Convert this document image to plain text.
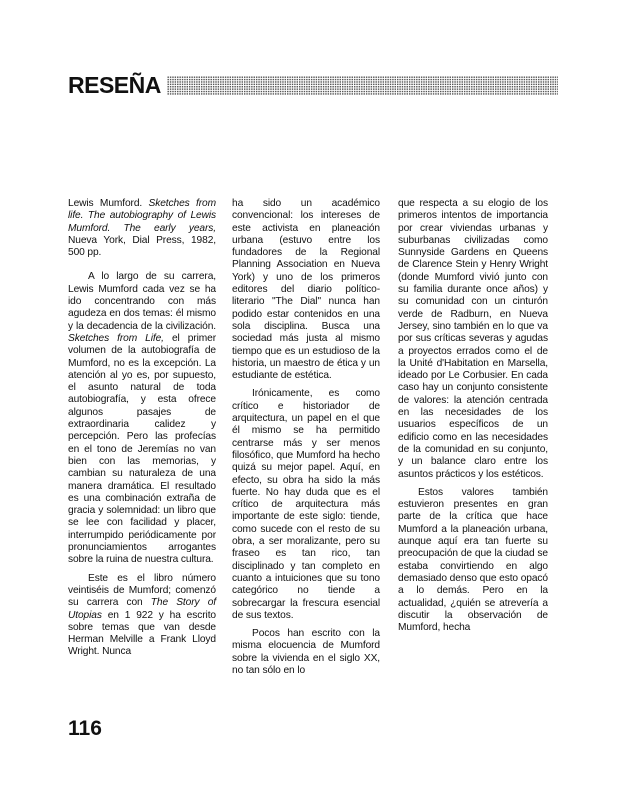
RESEÑA

Lewis Mumford. Sketches from life. The autobiography of Lewis Mumford. The early years, Nueva York, Dial Press, 1982, 500 pp.

A lo largo de su carrera, Lewis Mumford cada vez se ha ido concentrando con más agudeza en dos temas: él mismo y la decadencia de la civilización. Sketches from Life, el primer volumen de la autobiografía de Mumford, no es la excepción. La atención al yo es, por supuesto, el asunto natural de toda autobiografía, y esta ofrece algunos pasajes de extraordinaria calidez y percepción. Pero las profecías en el tono de Jeremías no van bien con las memorias, y cambian su naturaleza de una manera dramática. El resultado es una combinación extraña de gracia y solemnidad: un libro que se lee con facilidad y placer, interrumpido periódicamente por pronunciamientos arrogantes sobre la ruina de nuestra cultura.

Este es el libro número veintiséis de Mumford; comenzó su carrera con The Story of Utopias en 1 922 y ha escrito sobre temas que van desde Herman Melville a Frank Lloyd Wright. Nunca

ha sido un académico convencional: los intereses de este activista en planeación urbana (estuvo entre los fundadores de la Regional Planning Association en Nueva York) y uno de los primeros editores del diario político-literario "The Dial" nunca han podido estar contenidos en una sola disciplina. Busca una sociedad más justa al mismo tiempo que es un estudioso de la historia, un maestro de ética y un estudiante de estética.

Irónicamente, es como crítico e historiador de arquitectura, un papel en el que él mismo se ha permitido centrarse más y ser menos filosófico, que Mumford ha hecho quizá su mejor papel. Aquí, en efecto, su obra ha sido la más fuerte. No hay duda que es el crítico de arquitectura más importante de este siglo: tiende, como sucede con el resto de su obra, a ser moralizante, pero su fraseo es tan rico, tan disciplinado y tan completo en cuanto a intuiciones que su tono categórico no tiende a sobrecargar la frescura esencial de sus textos.

Pocos han escrito con la misma elocuencia de Mumford sobre la vivienda en el siglo XX, no tan sólo en lo

que respecta a su elogio de los primeros intentos de importancia por crear viviendas urbanas y suburbanas civilizadas como Sunnyside Gardens en Queens de Clarence Stein y Henry Wright (donde Mumford vivió junto con su familia durante once años) y su comunidad con un cinturón verde de Radburn, en Nueva Jersey, sino también en lo que va por sus críticas severas y agudas a proyectos errados como el de la Unité d'Habitation en Marsella, ideado por Le Corbusier. En cada caso hay un conjunto consistente de valores: la atención centrada en las necesidades de los usuarios específicos de un edificio como en las necesidades de la comunidad en su conjunto, y un balance claro entre los asuntos prácticos y los estéticos.

Estos valores también estuvieron presentes en gran parte de la crítica que hace Mumford a la planeación urbana, aunque aquí era tan fuerte su preocupación de que la ciudad se estaba convirtiendo en algo demasiado denso que esto opacó a lo demás. Pero en la actualidad, ¿quién se atrevería a discutir la observación de Mumford, hecha

116
